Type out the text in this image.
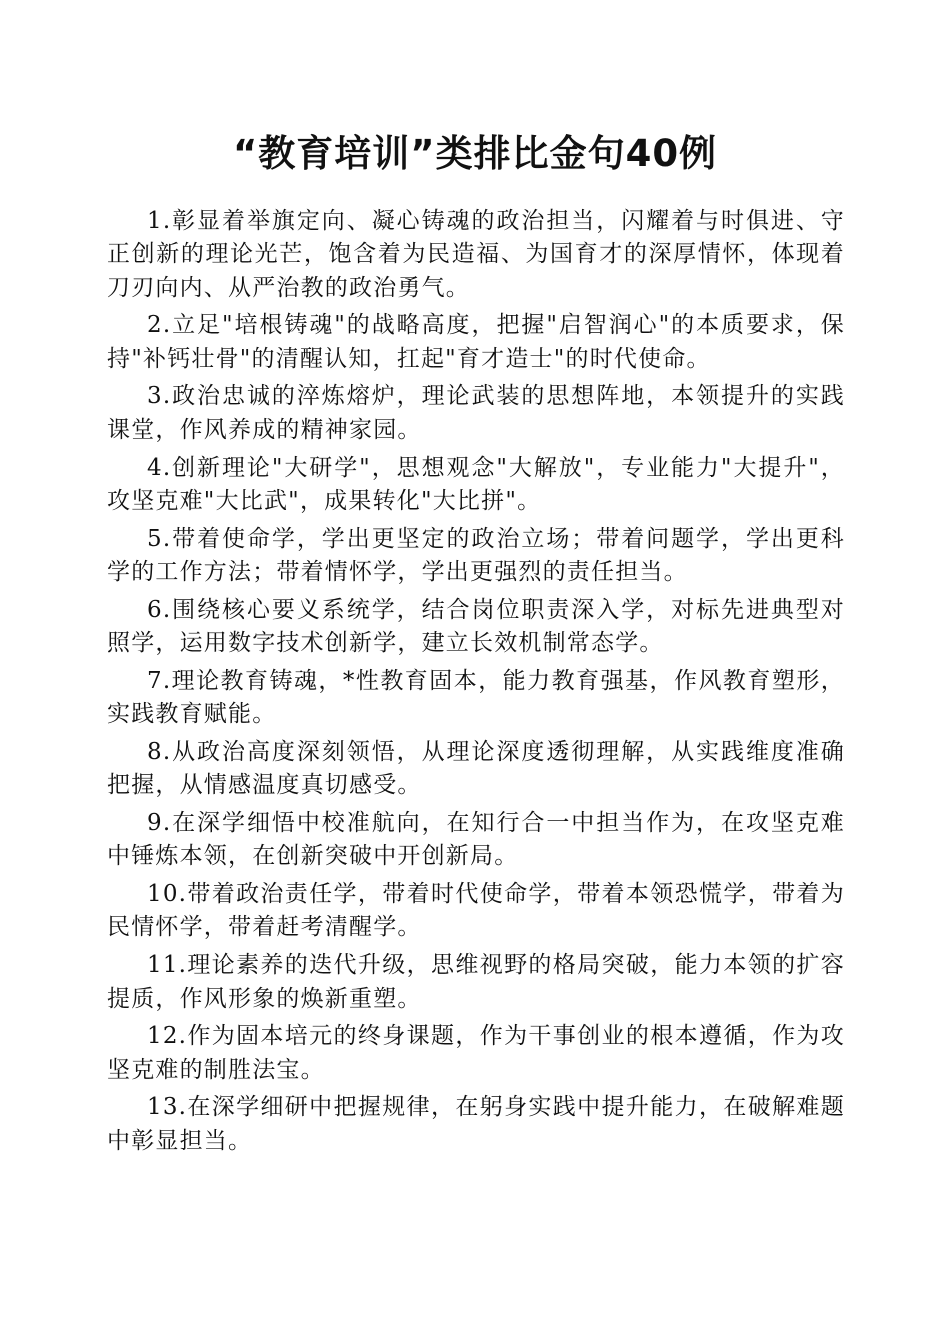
“教育培训”类排比金句40例

1.彰显着举旗定向、凝心铸魂的政治担当，闪耀着与时俱进、守正创新的理论光芒，饱含着为民造福、为国育才的深厚情怀，体现着刀刃向内、从严治教的政治勇气。

2.立足"培根铸魂"的战略高度，把握"启智润心"的本质要求，保持"补钙壮骨"的清醒认知，扛起"育才造士"的时代使命。

3.政治忠诚的淬炼熔炉，理论武装的思想阵地，本领提升的实践课堂，作风养成的精神家园。

4.创新理论"大研学"，思想观念"大解放"，专业能力"大提升"，攻坚克难"大比武"，成果转化"大比拼"。

5.带着使命学，学出更坚定的政治立场；带着问题学，学出更科学的工作方法；带着情怀学，学出更强烈的责任担当。

6.围绕核心要义系统学，结合岗位职责深入学，对标先进典型对照学，运用数字技术创新学，建立长效机制常态学。

7.理论教育铸魂，*性教育固本，能力教育强基，作风教育塑形，实践教育赋能。

8.从政治高度深刻领悟，从理论深度透彻理解，从实践维度准确把握，从情感温度真切感受。

9.在深学细悟中校准航向，在知行合一中担当作为，在攻坚克难中锤炼本领，在创新突破中开创新局。

10.带着政治责任学，带着时代使命学，带着本领恐慌学，带着为民情怀学，带着赶考清醒学。

11.理论素养的迭代升级，思维视野的格局突破，能力本领的扩容提质，作风形象的焕新重塑。

12.作为固本培元的终身课题，作为干事创业的根本遵循，作为攻坚克难的制胜法宝。

13.在深学细研中把握规律，在躬身实践中提升能力，在破解难题中彰显担当。
